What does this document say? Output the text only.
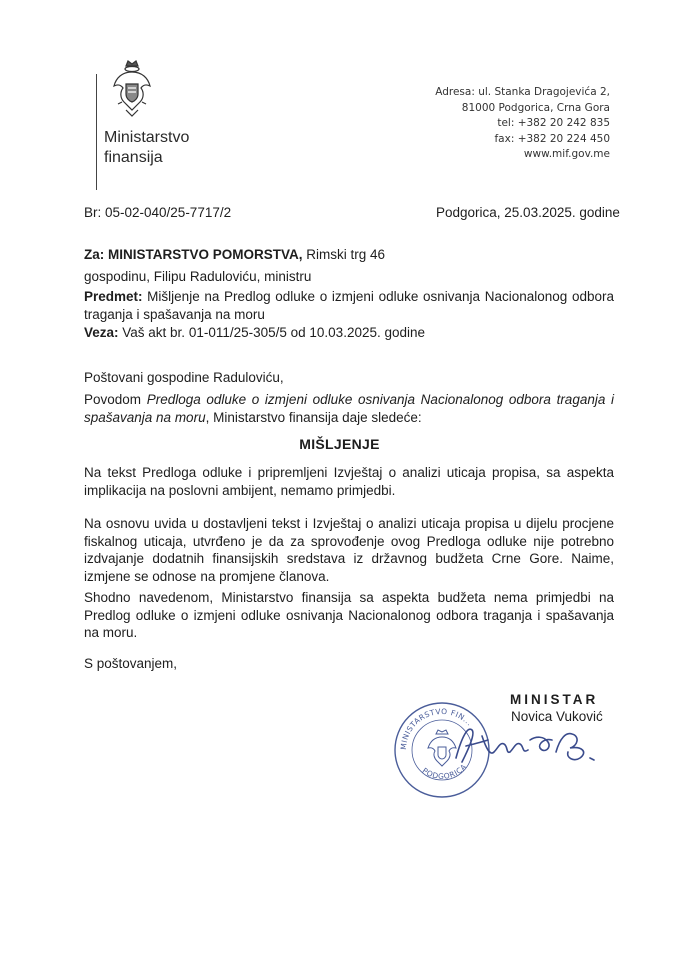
Ministarstvo
finansija
Adresa: ul. Stanka Dragojevića 2,
81000 Podgorica, Crna Gora
tel: +382 20 242 835
fax: +382 20 224 450
www.mif.gov.me
Br: 05-02-040/25-7717/2	Podgorica, 25.03.2025. godine
Za: MINISTARSTVO POMORSTVA, Rimski trg 46
gospodinu, Filipu Raduloviću, ministru
Predmet: Mišljenje na Predlog odluke o izmjeni odluke osnivanja Nacionalonog odbora traganja i spašavanja na moru
Veza: Vaš akt br. 01-011/25-305/5 od 10.03.2025. godine
Poštovani gospodine Raduloviću,
Povodom Predloga odluke o izmjeni odluke osnivanja Nacionalonog odbora traganja i spašavanja na moru, Ministarstvo finansija daje sledeće:
MIŠLJENJE
Na tekst Predloga odluke i pripremljeni Izvještaj o analizi uticaja propisa, sa aspekta implikacija na poslovni ambijent, nemamo primjedbi.
Na osnovu uvida u dostavljeni tekst i Izvještaj o analizi uticaja propisa u dijelu procjene fiskalnog uticaja, utvrđeno je da za sprovođenje ovog Predloga odluke nije potrebno izdvajanje dodatnih finansijskih sredstava iz državnog budžeta Crne Gore. Naime, izmjene se odnose na promjene članova.
Shodno navedenom, Ministarstvo finansija sa aspekta budžeta nema primjedbi na Predlog odluke o izmjeni odluke osnivanja Nacionalonog odbora traganja i spašavanja na moru.
S poštovanjem,
MINISTAR
Novica Vuković
MINISTARSTVO FIN...
PODGORICA
